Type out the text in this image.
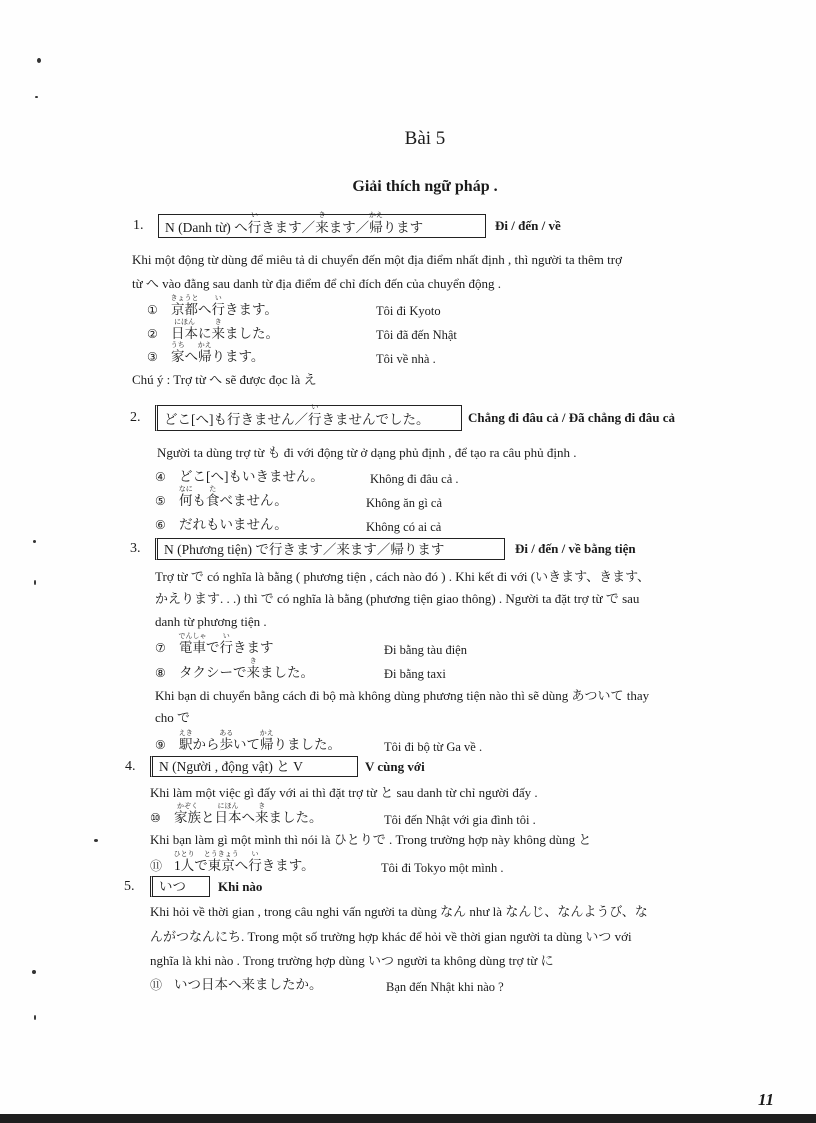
Bài 5
Giải thích ngữ pháp .
1.	N (Danh từ) へ行
い
きます／来
き
ます／帰
かえ
ります	Đi / đến / về
Khi một động từ dùng để miêu tả di chuyển đến một địa điểm nhất định , thì người ta thêm trợ
từ へ vào đằng sau danh từ địa điểm để chỉ đích đến của chuyển động .
① 京都
きょうと
へ行
い
きます。	Tôi đi Kyoto
② 日本
にほん
に来
き
ました。	Tôi đã đến Nhật
③ 家
うち
へ帰
かえ
ります。	Tôi về nhà .
Chú ý : Trợ từ へ sẽ được đọc là え
2.	どこ[へ]も行きません／行
い
きませんでした。	Chẳng đi đâu cả / Đã chẳng đi đâu cả
Người ta dùng trợ từ も đi với động từ ở dạng phủ định , để tạo ra câu phủ định .
④ どこ[へ]もいきません。	Không đi đâu cả .
⑤ 何
なに
も食
た
べません。	Không ăn gì cả
⑥ だれもいません。	Không có ai cả
3.	N (Phương tiện) で行きます／来ます／帰ります	Đi / đến / về bằng tiện
Trợ từ で có nghĩa là bằng ( phương tiện , cách nào đó ) . Khi kết đi với (いきます、きます、
かえります. . .) thì で có nghĩa là bằng (phương tiện giao thông) . Người ta đặt trợ từ で sau
danh từ phương tiện .
⑦ 電車
でんしゃ
で行
い
きます	Đi bằng tàu điện
⑧ タクシーで来
き
ました。	Đi bằng taxi
Khi bạn di chuyển bằng cách đi bộ mà không dùng phương tiện nào thì sẽ dùng あついて thay
cho で
⑨ 駅
えき
から歩
ある
いて帰
かえ
りました。	Tôi đi bộ từ Ga về .
4.	N (Người , động vật) と V	V cùng với
Khi làm một việc gì đấy với ai thì đặt trợ từ と sau danh từ chỉ người đấy .
⑩ 家族
かぞく
と日本
にほん
へ来
き
ました。	Tôi đến Nhật với gia đình tôi .
Khi bạn làm gì một mình thì nói là ひとりで . Trong trường hợp này không dùng と
⑪ 1人
ひとり
で東京
とうきょう
へ行
い
きます。	Tôi đi Tokyo một mình .
5.	いつ	Khi nào
Khi hỏi về thời gian , trong câu nghi vấn người ta dùng なん như là なんじ、なんようび、な
んがつなんにち. Trong một số trường hợp khác để hỏi về thời gian người ta dùng いつ với
nghĩa là khi nào . Trong trường hợp dùng いつ người ta không dùng trợ từ に
⑪ いつ日本へ来ましたか。	Bạn đến Nhật khi nào ?
11
